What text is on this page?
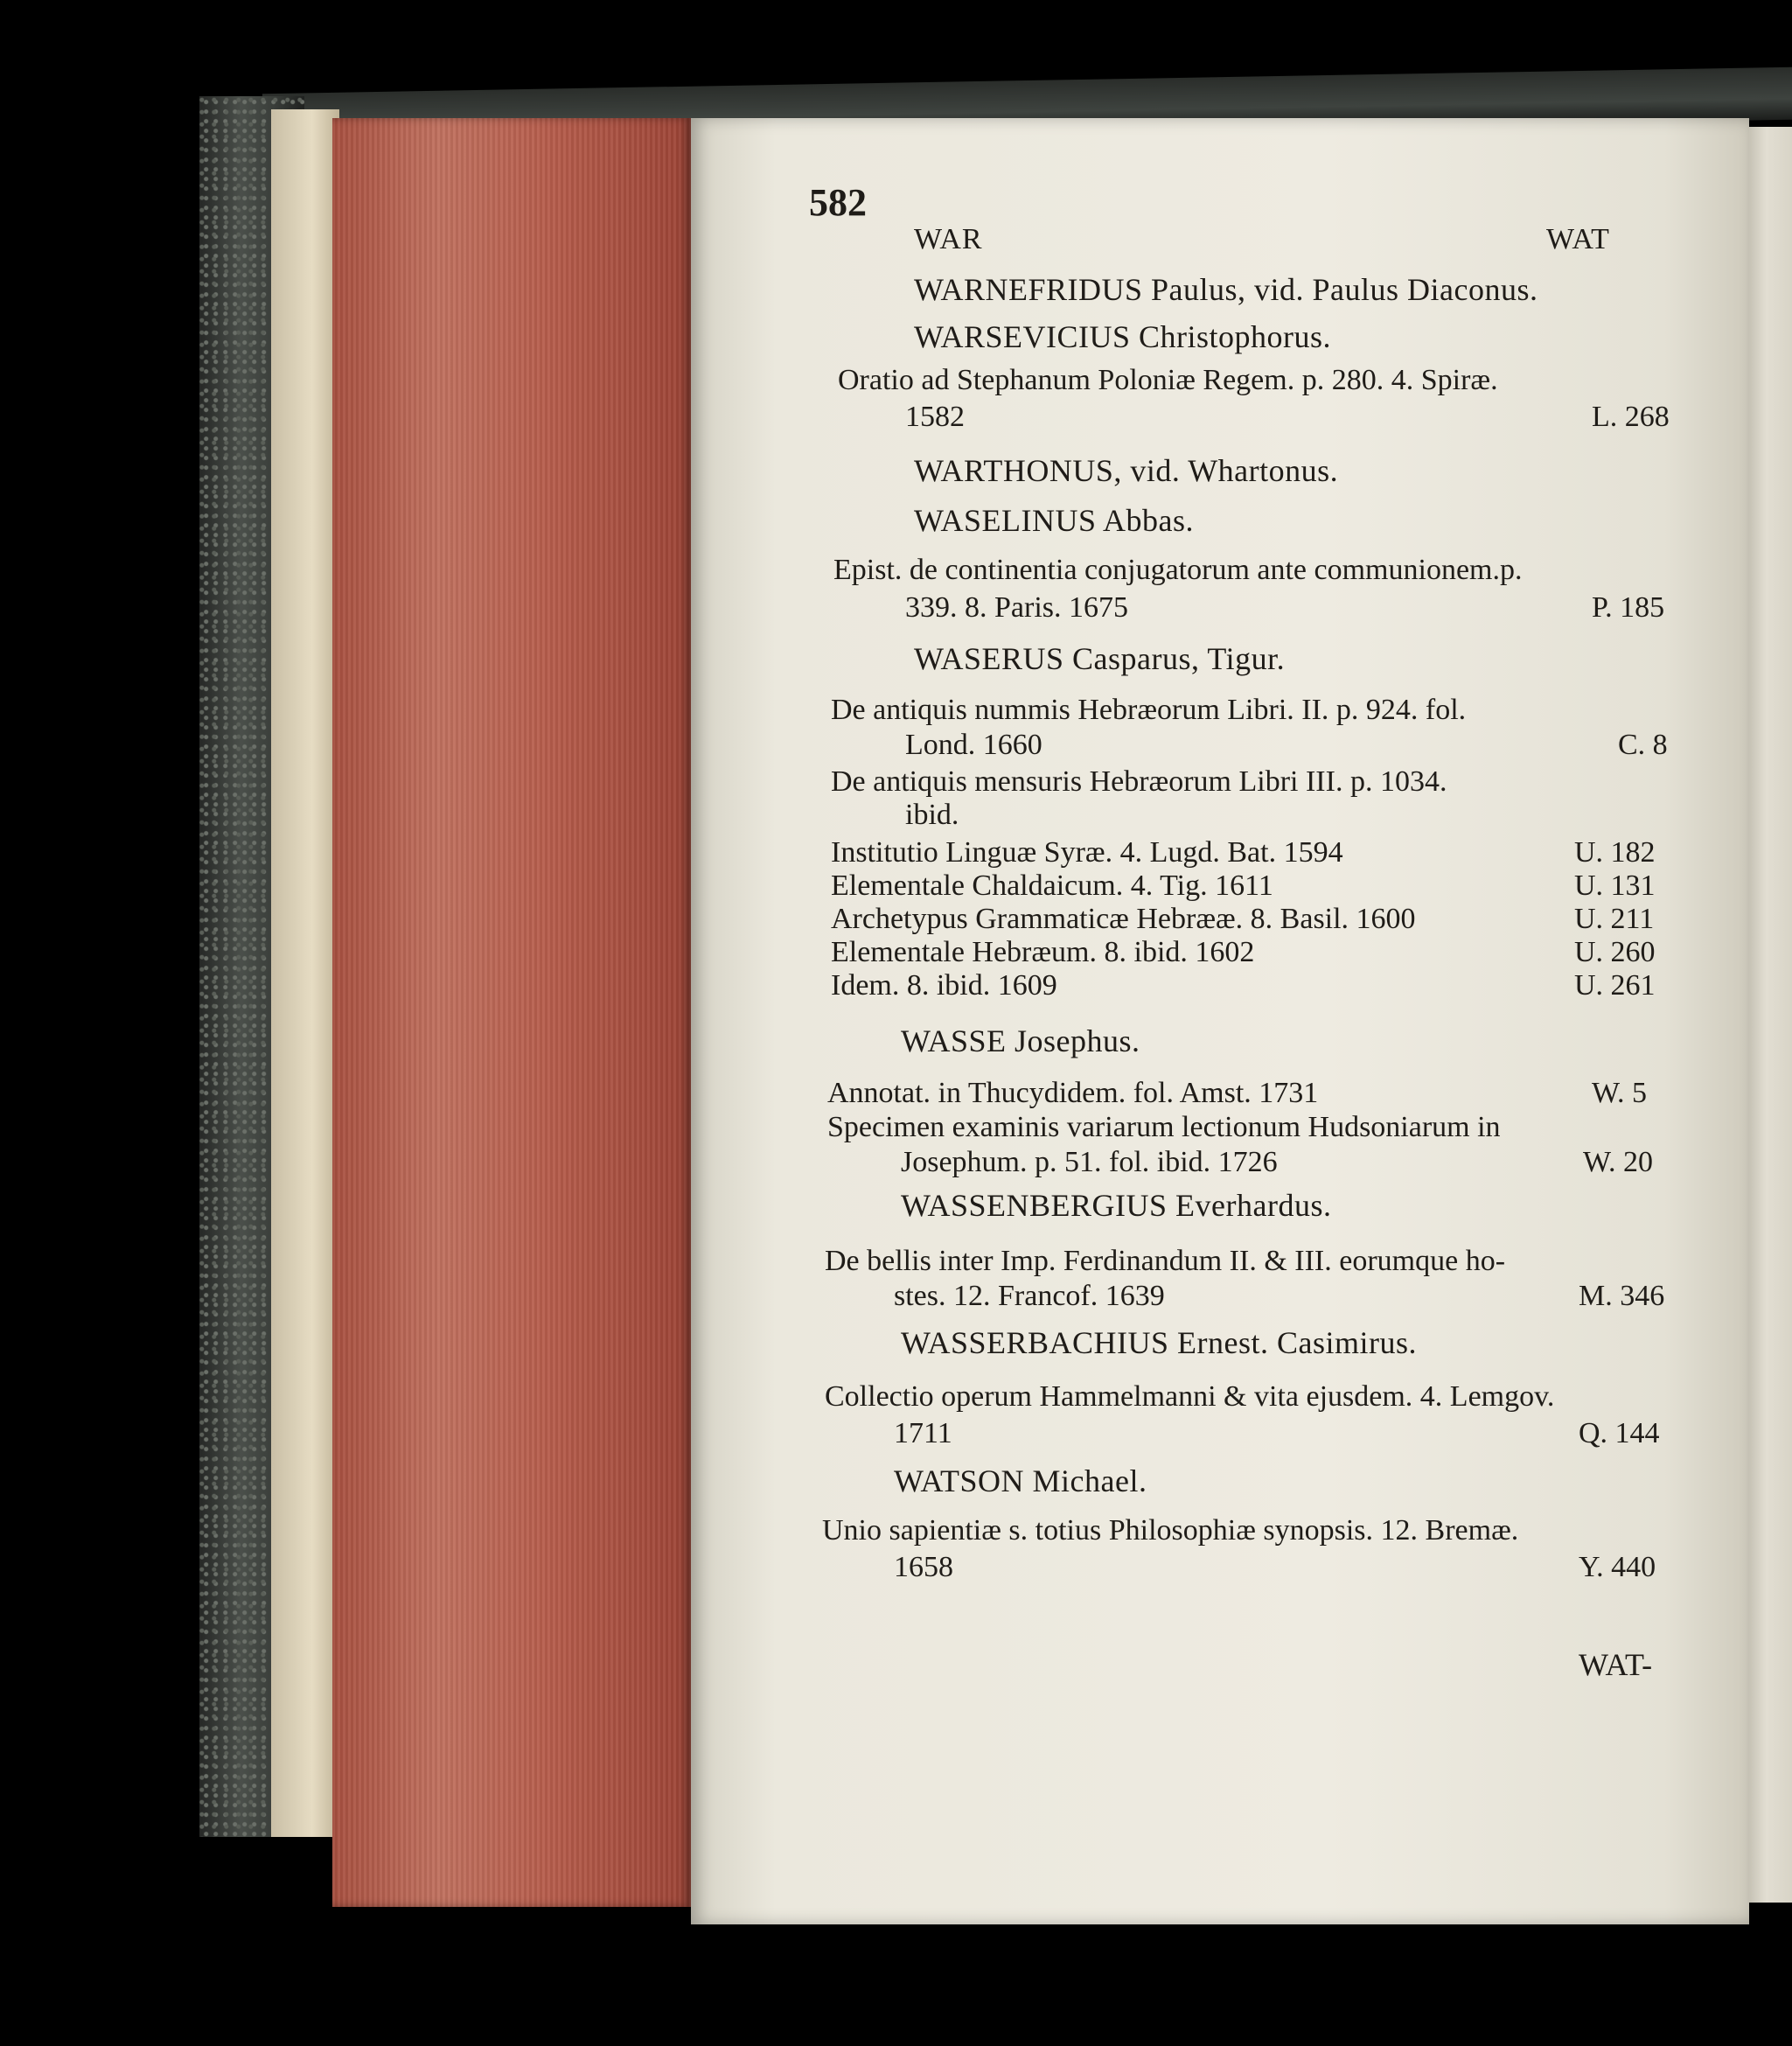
582
WAR	WAT
WARNEFRIDUS Paulus, vid. Paulus Diaconus.
WARSEVICIUS Christophorus.
Oratio ad Stephanum Poloniæ Regem. p. 280. 4. Spiræ.
1582	L. 268
WARTHONUS, vid. Whartonus.
WASELINUS Abbas.
Epist. de continentia conjugatorum ante communionem.p.
339. 8. Paris. 1675	P. 185
WASERUS Casparus, Tigur.
De antiquis nummis Hebræorum Libri. II. p. 924. fol.
Lond. 1660	C. 8
De antiquis mensuris Hebræorum Libri III. p. 1034.
ibid.
Institutio Linguæ Syræ. 4. Lugd. Bat. 1594	U. 182
Elementale Chaldaicum. 4. Tig. 1611	U. 131
Archetypus Grammaticæ Hebrææ. 8. Basil. 1600	U. 211
Elementale Hebræum. 8. ibid. 1602	U. 260
Idem. 8. ibid. 1609	U. 261
WASSE Josephus.
Annotat. in Thucydidem. fol. Amst. 1731	W. 5
Specimen examinis variarum lectionum Hudsoniarum in
Josephum. p. 51. fol. ibid. 1726	W. 20
WASSENBERGIUS Everhardus.
De bellis inter Imp. Ferdinandum II. & III. eorumque ho-
stes. 12. Francof. 1639	M. 346
WASSERBACHIUS Ernest. Casimirus.
Collectio operum Hammelmanni & vita ejusdem. 4. Lemgov.
1711	Q. 144
WATSON Michael.
Unio sapientiæ s. totius Philosophiæ synopsis. 12. Bremæ.
1658	Y. 440
WAT-
